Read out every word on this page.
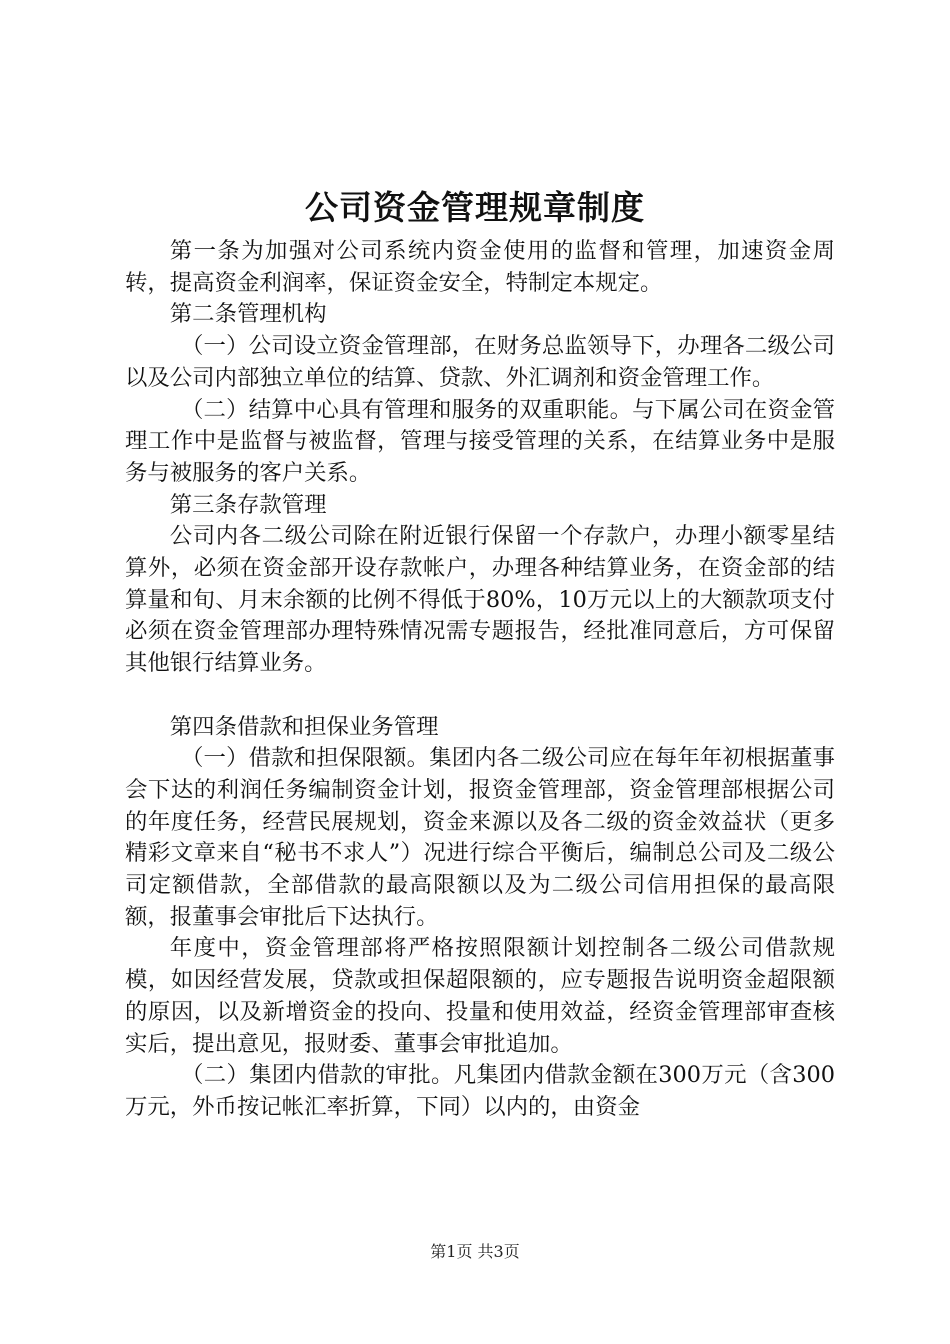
公司资金管理规章制度

第一条为加强对公司系统内资金使用的监督和管理，加速资金周转，提高资金利润率，保证资金安全，特制定本规定。

第二条管理机构

（一）公司设立资金管理部，在财务总监领导下，办理各二级公司以及公司内部独立单位的结算、贷款、外汇调剂和资金管理工作。

（二）结算中心具有管理和服务的双重职能。与下属公司在资金管理工作中是监督与被监督，管理与接受管理的关系，在结算业务中是服务与被服务的客户关系。

第三条存款管理

公司内各二级公司除在附近银行保留一个存款户，办理小额零星结算外，必须在资金部开设存款帐户，办理各种结算业务，在资金部的结算量和旬、月末余额的比例不得低于80%，10万元以上的大额款项支付必须在资金管理部办理特殊情况需专题报告，经批准同意后，方可保留其他银行结算业务。

第四条借款和担保业务管理

（一）借款和担保限额。集团内各二级公司应在每年年初根据董事会下达的利润任务编制资金计划，报资金管理部，资金管理部根据公司的年度任务，经营民展规划，资金来源以及各二级的资金效益状（更多精彩文章来自“秘书不求人”）况进行综合平衡后，编制总公司及二级公司定额借款，全部借款的最高限额以及为二级公司信用担保的最高限额，报董事会审批后下达执行。

年度中，资金管理部将严格按照限额计划控制各二级公司借款规模，如因经营发展，贷款或担保超限额的，应专题报告说明资金超限额的原因，以及新增资金的投向、投量和使用效益，经资金管理部审查核实后，提出意见，报财委、董事会审批追加。

（二）集团内借款的审批。凡集团内借款金额在300万元（含300万元，外币按记帐汇率折算，下同）以内的，由资金

第1页 共3页
